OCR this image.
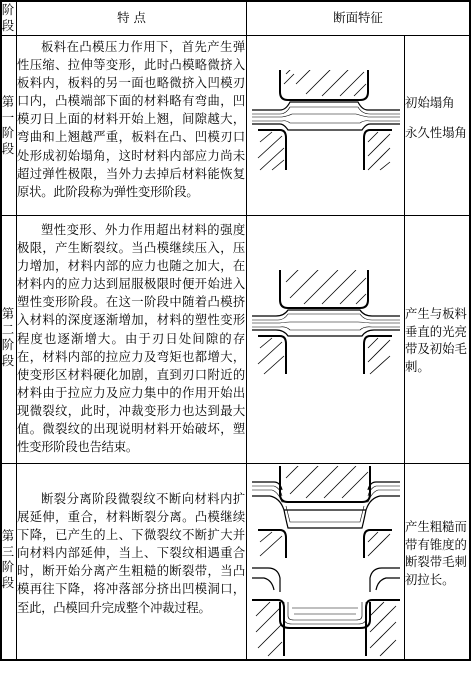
阶段	特 点	断面特征
第一阶段
板料在凸模压力作用下，首先产生弹性压缩、拉伸等变形，此时凸模略微挤入板料内，板料的另一面也略微挤入凹模刃口内，凸模端部下面的材料略有弯曲，凹模刃日上面的材料开始上翘，间隙越大，弯曲和上翘越严重，板料在凸、凹模刃口处形成初始塌角，这时材料内部应力尚未超过弹性极限，当外力去掉后材料能恢复原状。此阶段称为弹性变形阶段。
初始塌角
永久性塌角
第二阶段
塑性变形、外力作用超出材料的强度极限，产生断裂纹。当凸模继续压入，压力增加，材料内部的应力也随之加大，在材料内的应力达到屈服极限时便开始进入塑性变形阶段。在这一阶段中随着凸模挤入材料的深度逐渐增加，材料的塑性变形程度也逐渐增大。由于刃日处间隙的存在，材料内部的拉应力及弯矩也都增大，使变形区材料硬化加剧，直到刃口附近的材料由于拉应力及应力集中的作用开始出现微裂纹，此时，冲裁变形力也达到最大值。微裂纹的出现说明材料开始破坏，塑性变形阶段也告结束。
产生与板料垂直的光亮带及初始毛刺。
第三阶段
断裂分离阶段微裂纹不断向材料内扩展延伸，重合，材料断裂分离。凸模继续下降，已产生的上、下微裂纹不断扩大并向材料内部延伸，当上、下裂纹相遇重合时，断开始分离产生粗糙的断裂带，当凸模再往下降，将冲落部分挤出凹模洞口，至此，凸模回升完成整个冲裁过程。
产生粗糙而带有锥度的断裂带毛刺初拉长。
